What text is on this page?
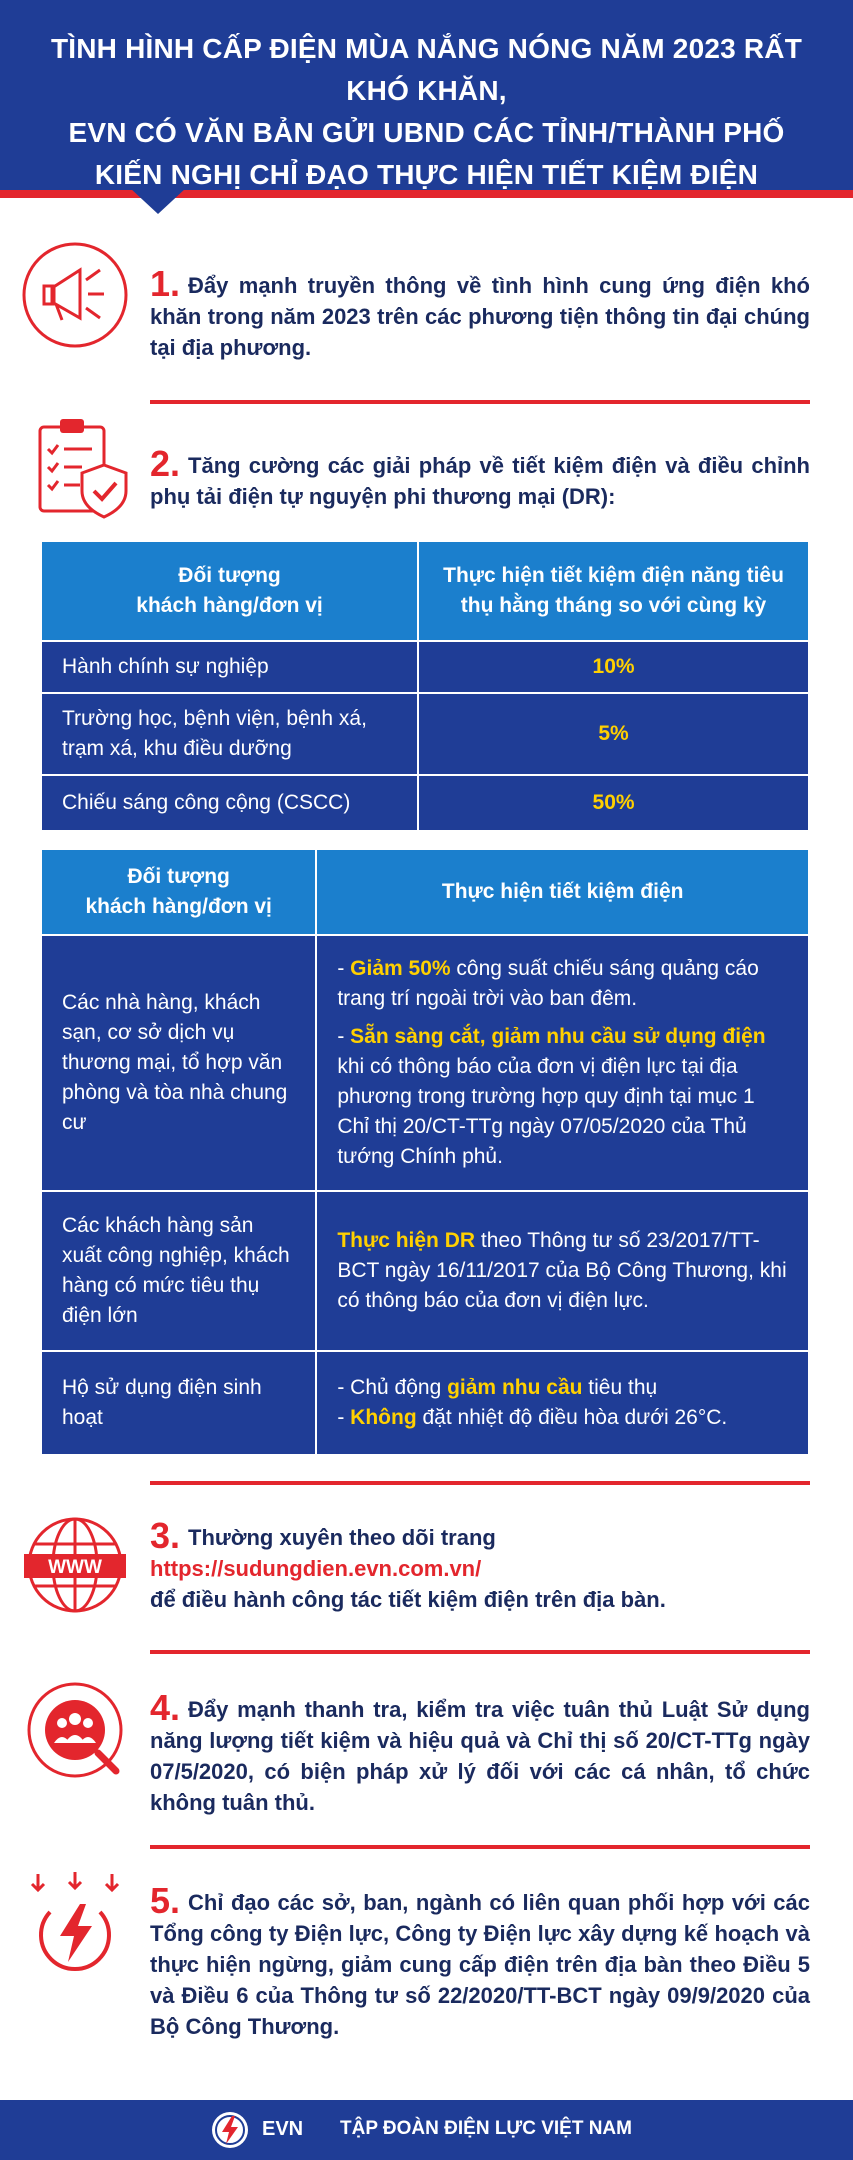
TÌNH HÌNH CẤP ĐIỆN MÙA NẮNG NÓNG NĂM 2023 RẤT KHÓ KHĂN,
EVN CÓ VĂN BẢN GỬI UBND CÁC TỈNH/THÀNH PHỐ
KIẾN NGHỊ CHỈ ĐẠO THỰC HIỆN TIẾT KIỆM ĐIỆN

1. Đẩy mạnh truyền thông về tình hình cung ứng điện khó khăn trong năm 2023 trên các phương tiện thông tin đại chúng tại địa phương.

2. Tăng cường các giải pháp về tiết kiệm điện và điều chỉnh phụ tải điện tự nguyện phi thương mại (DR):

Đối tượng
khách hàng/đơn vị	Thực hiện tiết kiệm điện năng tiêu thụ hằng tháng so với cùng kỳ
Hành chính sự nghiệp	10%
Trường học, bệnh viện, bệnh xá, trạm xá, khu điều dưỡng	5%
Chiếu sáng công cộng (CSCC)	50%
Đối tượng
khách hàng/đơn vị	Thực hiện tiết kiệm điện
Các nhà hàng, khách sạn, cơ sở dịch vụ thương mại, tổ hợp văn phòng và tòa nhà chung cư	- Giảm 50% công suất chiếu sáng quảng cáo trang trí ngoài trời vào ban đêm.

- Sẵn sàng cắt, giảm nhu cầu sử dụng điện khi có thông báo của đơn vị điện lực tại địa phương trong trường hợp quy định tại mục 1 Chỉ thị 20/CT-TTg ngày 07/05/2020 của Thủ tướng Chính phủ.

Các khách hàng sản xuất công nghiệp, khách hàng có mức tiêu thụ điện lớn	Thực hiện DR theo Thông tư số 23/2017/TT-BCT ngày 16/11/2017 của Bộ Công Thương, khi có thông báo của đơn vị điện lực.

Hộ sử dụng điện sinh hoạt	- Chủ động giảm nhu cầu tiêu thụ

- Không đặt nhiệt độ điều hòa dưới 26°C.

WWW

3. Thường xuyên theo dõi trang
https://sudungdien.evn.com.vn/
để điều hành công tác tiết kiệm điện trên địa bàn.

4. Đẩy mạnh thanh tra, kiểm tra việc tuân thủ Luật Sử dụng năng lượng tiết kiệm và hiệu quả và Chỉ thị số 20/CT-TTg ngày 07/5/2020, có biện pháp xử lý đối với các cá nhân, tổ chức không tuân thủ.

5. Chỉ đạo các sở, ban, ngành có liên quan phối hợp với các Tổng công ty Điện lực, Công ty Điện lực xây dựng kế hoạch và thực hiện ngừng, giảm cung cấp điện trên địa bàn theo Điều 5 và Điều 6 của Thông tư số 22/2020/TT-BCT ngày 09/9/2020 của Bộ Công Thương.

EVN TẬP ĐOÀN ĐIỆN LỰC VIỆT NAM
